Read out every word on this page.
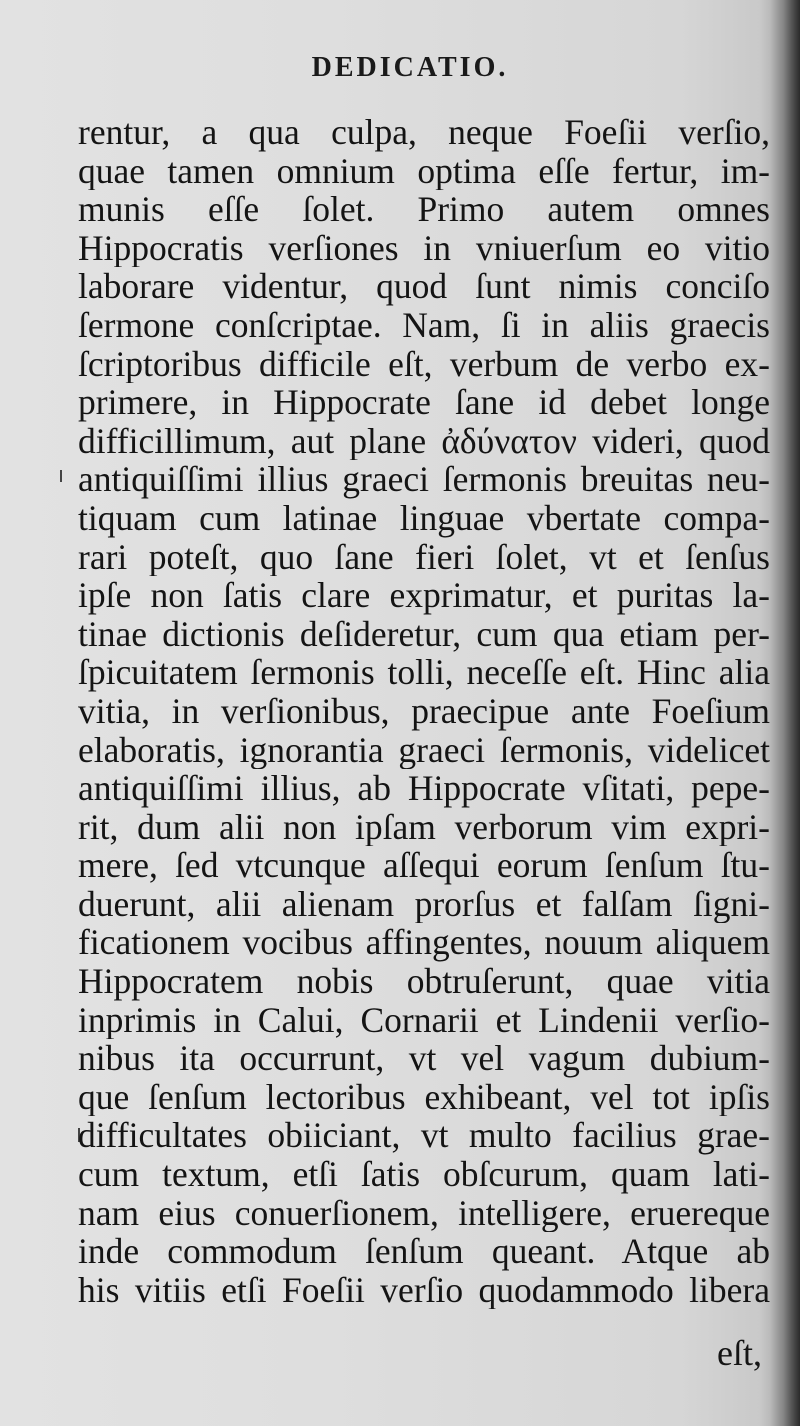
DEDICATIO.
rentur, a qua culpa, neque Foeſii verſio,
quae tamen omnium optima eſſe fertur, im-
munis eſſe ſolet. Primo autem omnes
Hippocratis verſiones in vniuerſum eo vitio
laborare videntur, quod ſunt nimis conciſo
ſermone conſcriptae. Nam, ſi in aliis graecis
ſcriptoribus difficile eſt, verbum de verbo ex-
primere, in Hippocrate ſane id debet longe
difficillimum, aut plane ἀδύνατον videri, quod
antiquiſſimi illius graeci ſermonis breuitas neu-
tiquam cum latinae linguae vbertate compa-
rari poteſt, quo ſane fieri ſolet, vt et ſenſus
ipſe non ſatis clare exprimatur, et puritas la-
tinae dictionis deſideretur, cum qua etiam per-
ſpicuitatem ſermonis tolli, neceſſe eſt. Hinc alia
vitia, in verſionibus, praecipue ante Foeſium
elaboratis, ignorantia graeci ſermonis, videlicet
antiquiſſimi illius, ab Hippocrate vſitati, pepe-
rit, dum alii non ipſam verborum vim expri-
mere, ſed vtcunque aſſequi eorum ſenſum ſtu-
duerunt, alii alienam prorſus et falſam ſigni-
ficationem vocibus affingentes, nouum aliquem
Hippocratem nobis obtruſerunt, quae vitia
inprimis in Calui, Cornarii et Lindenii verſio-
nibus ita occurrunt, vt vel vagum dubium-
que ſenſum lectoribus exhibeant, vel tot ipſis
difficultates obiiciant, vt multo facilius grae-
cum textum, etſi ſatis obſcurum, quam lati-
nam eius conuerſionem, intelligere, eruereque
inde commodum ſenſum queant. Atque ab
his vitiis etſi Foeſii verſio quodammodo libera
eſt,
